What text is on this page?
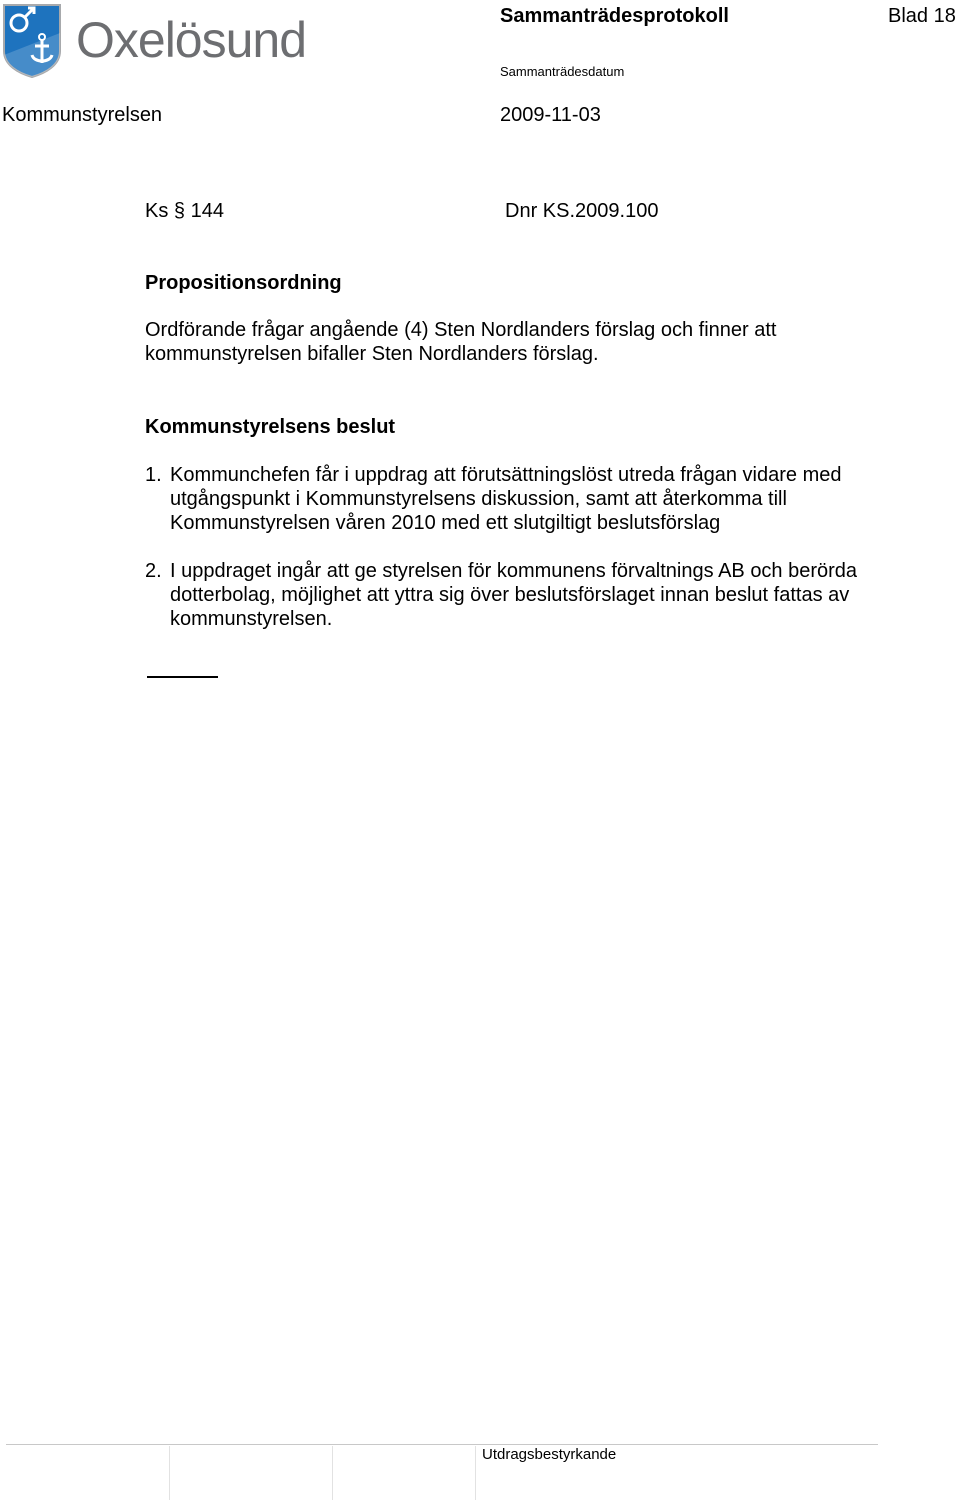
Oxelösund	Sammanträdesprotokoll	Blad 18
Sammanträdesdatum
Kommunstyrelsen	2009-11-03
Ks § 144	Dnr KS.2009.100
Propositionsordning
Ordförande frågar angående (4) Sten Nordlanders förslag och finner att
kommunstyrelsen bifaller Sten Nordlanders förslag.
Kommunstyrelsens beslut
1. Kommunchefen får i uppdrag att förutsättningslöst utreda frågan vidare med
utgångspunkt i Kommunstyrelsens diskussion, samt att återkomma till
Kommunstyrelsen våren 2010 med ett slutgiltigt beslutsförslag
2. I uppdraget ingår att ge styrelsen för kommunens förvaltnings AB och berörda
dotterbolag, möjlighet att yttra sig över beslutsförslaget innan beslut fattas av
kommunstyrelsen.
Utdragsbestyrkande
